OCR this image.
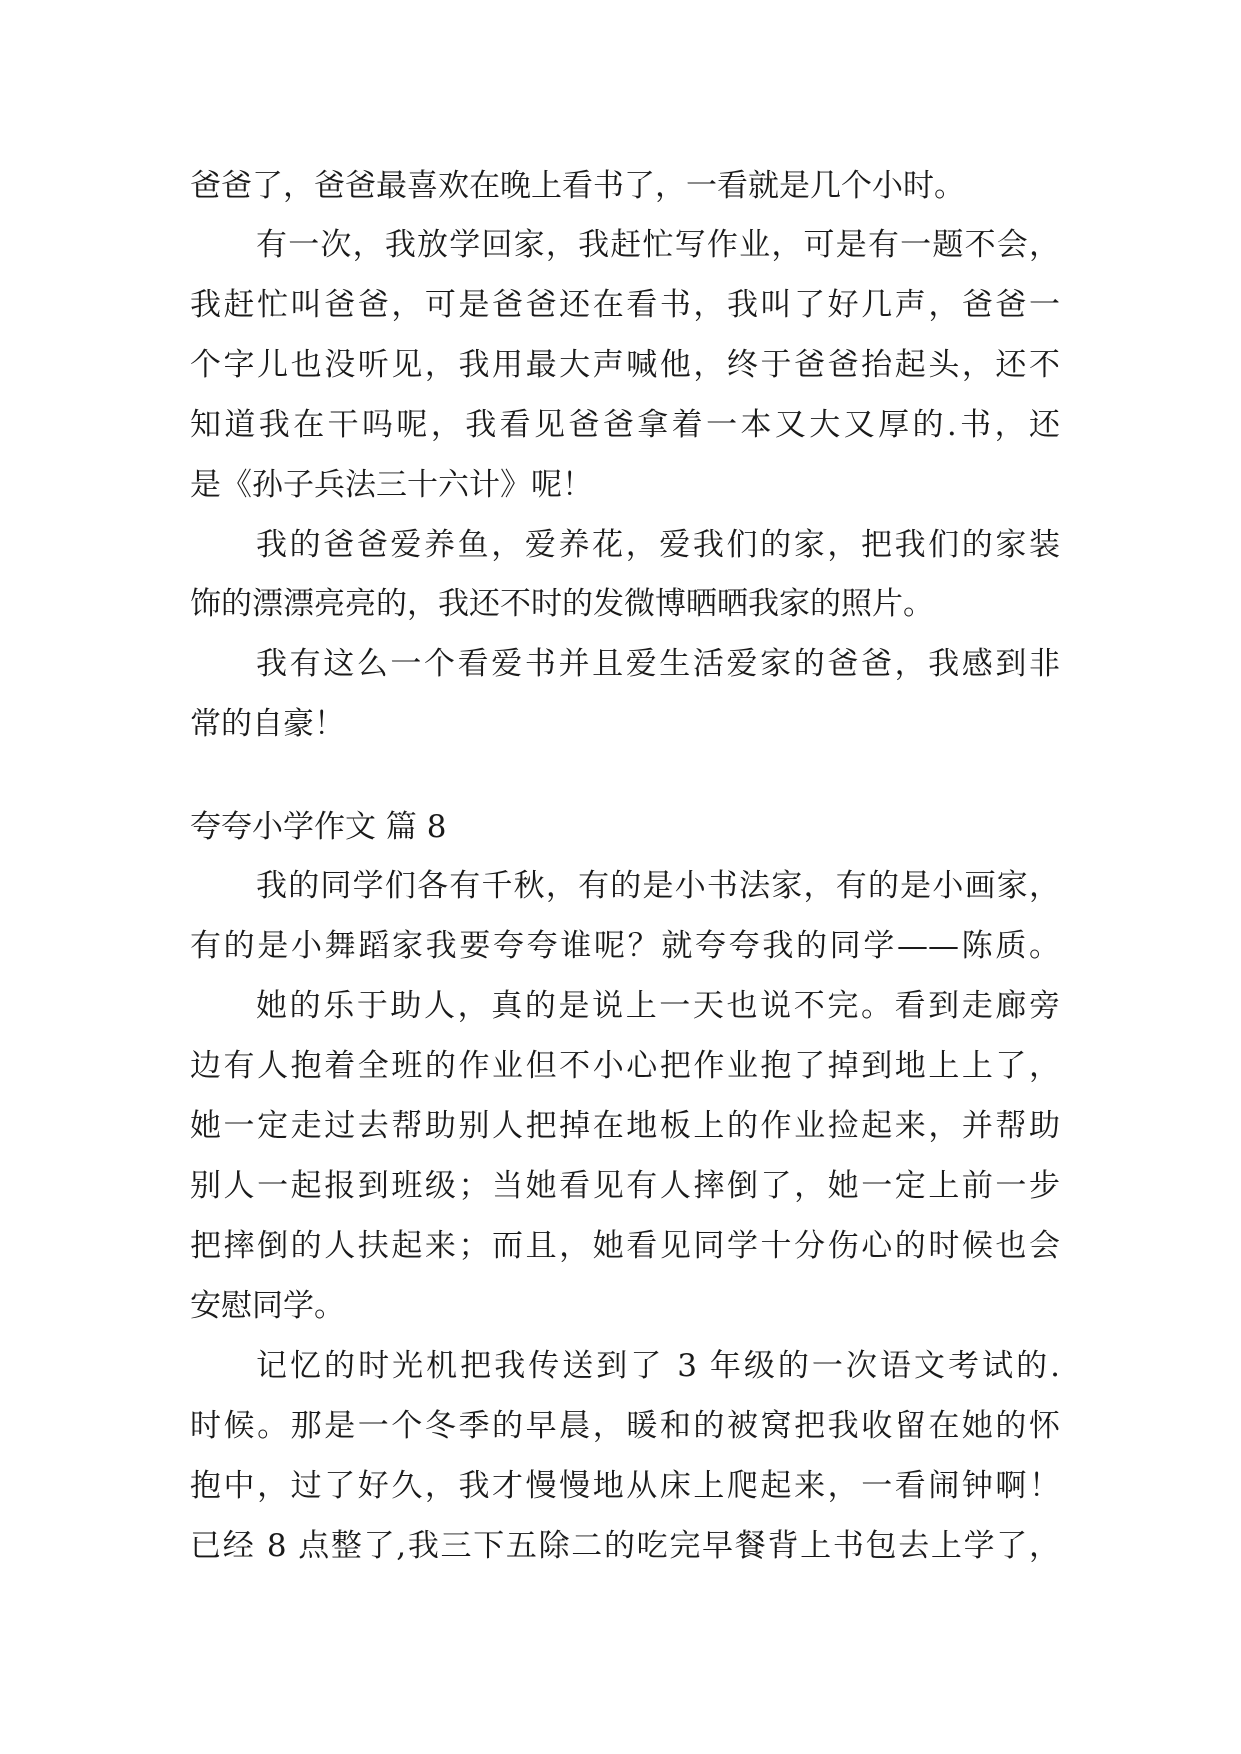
爸爸了，爸爸最喜欢在晚上看书了，一看就是几个小时。
有一次，我放学回家，我赶忙写作业，可是有一题不会，
我赶忙叫爸爸，可是爸爸还在看书，我叫了好几声，爸爸一
个字儿也没听见，我用最大声喊他，终于爸爸抬起头，还不
知道我在干吗呢，我看见爸爸拿着一本又大又厚的.书，还
是《孙子兵法三十六计》呢！
我的爸爸爱养鱼，爱养花，爱我们的家，把我们的家装
饰的漂漂亮亮的，我还不时的发微博晒晒我家的照片。
我有这么一个看爱书并且爱生活爱家的爸爸，我感到非
常的自豪！
夸夸小学作文 篇 8
我的同学们各有千秋，有的是小书法家，有的是小画家，
有的是小舞蹈家我要夸夸谁呢？就夸夸我的同学——陈质。
她的乐于助人，真的是说上一天也说不完。看到走廊旁
边有人抱着全班的作业但不小心把作业抱了掉到地上上了，
她一定走过去帮助别人把掉在地板上的作业捡起来，并帮助
别人一起报到班级；当她看见有人摔倒了，她一定上前一步
把摔倒的人扶起来；而且，她看见同学十分伤心的时候也会
安慰同学。
记忆的时光机把我传送到了 3 年级的一次语文考试的.
时候。那是一个冬季的早晨，暖和的被窝把我收留在她的怀
抱中，过了好久，我才慢慢地从床上爬起来，一看闹钟啊！
已经 8 点整了,我三下五除二的吃完早餐背上书包去上学了，
